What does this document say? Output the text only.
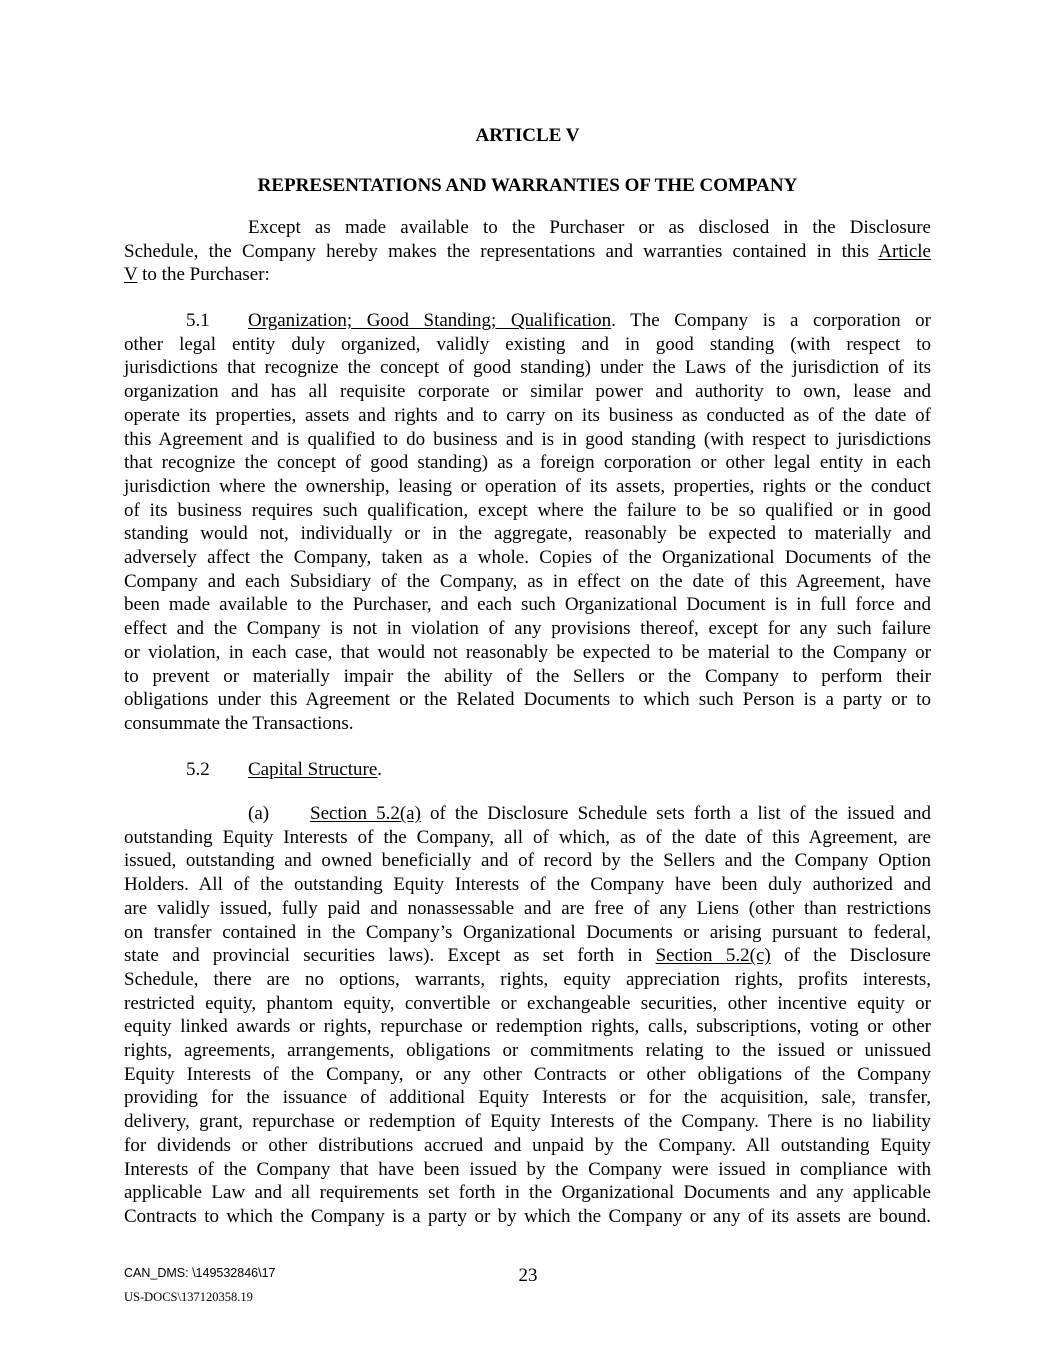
ARTICLE V
REPRESENTATIONS AND WARRANTIES OF THE COMPANY
Except as made available to the Purchaser or as disclosed in the Disclosure
Schedule, the Company hereby makes the representations and warranties contained in this Article
V to the Purchaser:
5.1 Organization; Good Standing; Qualification. The Company is a corporation or
other legal entity duly organized, validly existing and in good standing (with respect to
jurisdictions that recognize the concept of good standing) under the Laws of the jurisdiction of its
organization and has all requisite corporate or similar power and authority to own, lease and
operate its properties, assets and rights and to carry on its business as conducted as of the date of
this Agreement and is qualified to do business and is in good standing (with respect to jurisdictions
that recognize the concept of good standing) as a foreign corporation or other legal entity in each
jurisdiction where the ownership, leasing or operation of its assets, properties, rights or the conduct
of its business requires such qualification, except where the failure to be so qualified or in good
standing would not, individually or in the aggregate, reasonably be expected to materially and
adversely affect the Company, taken as a whole. Copies of the Organizational Documents of the
Company and each Subsidiary of the Company, as in effect on the date of this Agreement, have
been made available to the Purchaser, and each such Organizational Document is in full force and
effect and the Company is not in violation of any provisions thereof, except for any such failure
or violation, in each case, that would not reasonably be expected to be material to the Company or
to prevent or materially impair the ability of the Sellers or the Company to perform their
obligations under this Agreement or the Related Documents to which such Person is a party or to
consummate the Transactions.
5.2 Capital Structure.
(a) Section 5.2(a) of the Disclosure Schedule sets forth a list of the issued and
outstanding Equity Interests of the Company, all of which, as of the date of this Agreement, are
issued, outstanding and owned beneficially and of record by the Sellers and the Company Option
Holders. All of the outstanding Equity Interests of the Company have been duly authorized and
are validly issued, fully paid and nonassessable and are free of any Liens (other than restrictions
on transfer contained in the Company’s Organizational Documents or arising pursuant to federal,
state and provincial securities laws). Except as set forth in Section 5.2(c) of the Disclosure
Schedule, there are no options, warrants, rights, equity appreciation rights, profits interests,
restricted equity, phantom equity, convertible or exchangeable securities, other incentive equity or
equity linked awards or rights, repurchase or redemption rights, calls, subscriptions, voting or other
rights, agreements, arrangements, obligations or commitments relating to the issued or unissued
Equity Interests of the Company, or any other Contracts or other obligations of the Company
providing for the issuance of additional Equity Interests or for the acquisition, sale, transfer,
delivery, grant, repurchase or redemption of Equity Interests of the Company. There is no liability
for dividends or other distributions accrued and unpaid by the Company. All outstanding Equity
Interests of the Company that have been issued by the Company were issued in compliance with
applicable Law and all requirements set forth in the Organizational Documents and any applicable
Contracts to which the Company is a party or by which the Company or any of its assets are bound.
CAN_DMS: \149532846\17	23
US-DOCS\137120358.19
